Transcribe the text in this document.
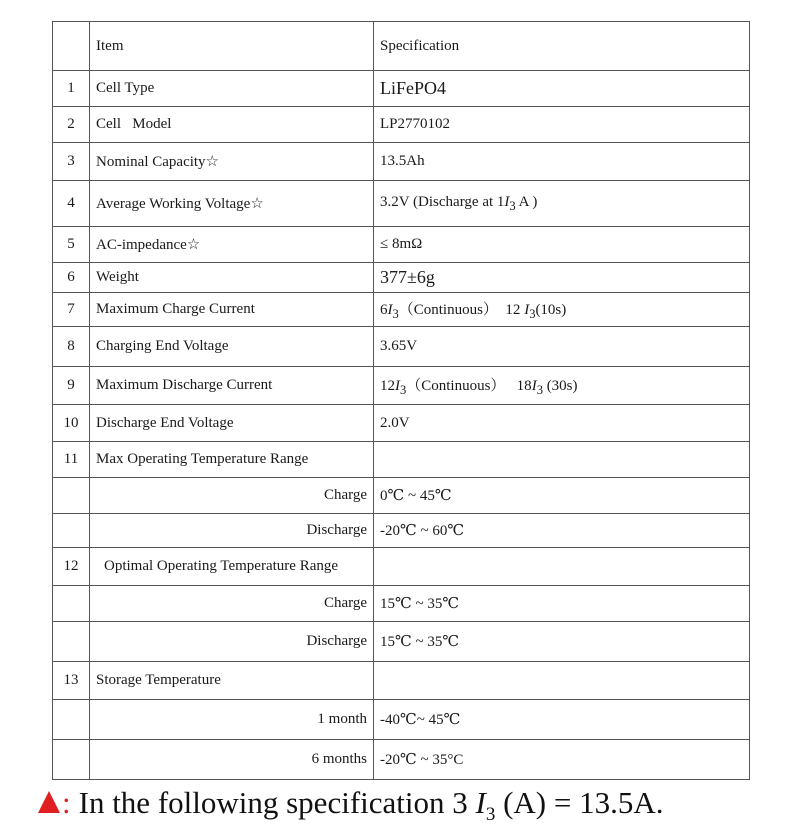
	Item	Specification
1	Cell Type	LiFePO4
2	Cell   Model	LP2770102
3	Nominal Capacity☆	13.5Ah
4	Average Working Voltage☆	3.2V (Discharge at $1I_3$ A )
5	AC-impedance☆	≤ 8mΩ
6	Weight	377±6g
7	Maximum Charge Current	$6I_3(Continuous)$  12 $I_3(10s)$
8	Charging End Voltage	3.65V
9	Maximum Discharge Current	$12I_3(Continuous)$   $18I_3$ (30s)
10	Discharge End Voltage	2.0V
11	Max Operating Temperature Range	
	Charge	0℃ ~ 45℃
	Discharge	-20℃ ~ 60℃
12	Optimal Operating Temperature Range	
	Charge	15℃ ~ 35℃
	Discharge	15℃ ~ 35℃
13	Storage Temperature	
	1 month	-40℃~ 45℃
	6 months	-20℃ ~ 35°C
: In the following specification 3 $I_3$ (A) = 13.5A.
